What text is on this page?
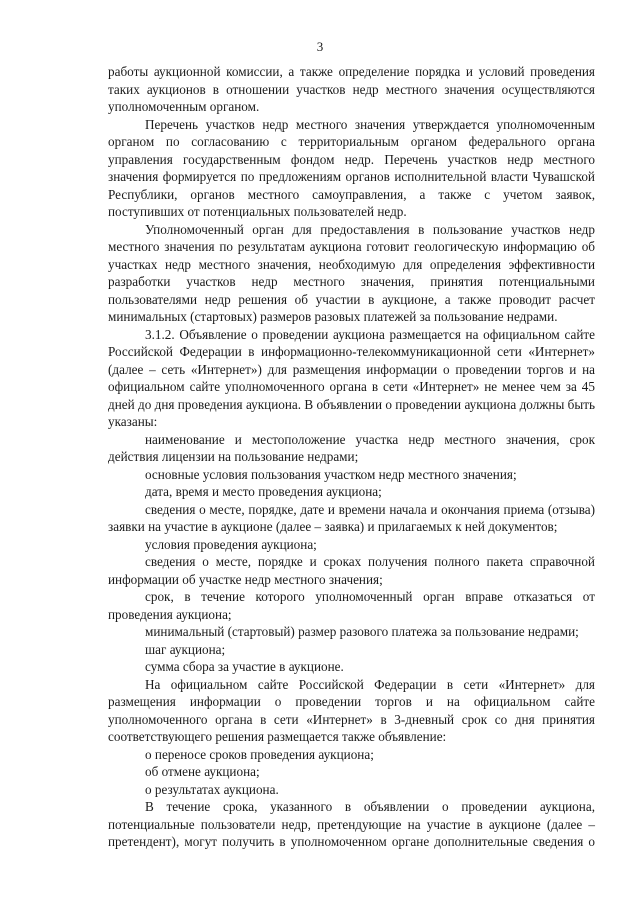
3

работы аукционной комиссии, а также определение порядка и условий проведения таких аукционов в отношении участков недр местного значения осуществляются уполномоченным органом.

Перечень участков недр местного значения утверждается уполномоченным органом по согласованию с территориальным органом федерального органа управления государственным фондом недр. Перечень участков недр местного значения формируется по предложениям органов исполнительной власти Чувашской Республики, органов местного самоуправления, а также с учетом заявок, поступивших от потенциальных пользователей недр.

Уполномоченный орган для предоставления в пользование участков недр местного значения по результатам аукциона готовит геологическую информацию об участках недр местного значения, необходимую для определения эффективности разработки участков недр местного значения, принятия потенциальными пользователями недр решения об участии в аукционе, а также проводит расчет минимальных (стартовых) размеров разовых платежей за пользование недрами.

3.1.2. Объявление о проведении аукциона размещается на официальном сайте Российской Федерации в информационно-телекоммуникационной сети «Интернет» (далее – сеть «Интернет») для размещения информации о проведении торгов и на официальном сайте уполномоченного органа в сети «Интернет» не менее чем за 45 дней до дня проведения аукциона. В объявлении о проведении аукциона должны быть указаны:

наименование и местоположение участка недр местного значения, срок действия лицензии на пользование недрами;

основные условия пользования участком недр местного значения;

дата, время и место проведения аукциона;

сведения о месте, порядке, дате и времени начала и окончания приема (отзыва) заявки на участие в аукционе (далее – заявка) и прилагаемых к ней документов;

условия проведения аукциона;

сведения о месте, порядке и сроках получения полного пакета справочной информации об участке недр местного значения;

срок, в течение которого уполномоченный орган вправе отказаться от проведения аукциона;

минимальный (стартовый) размер разового платежа за пользование недрами;

шаг аукциона;

сумма сбора за участие в аукционе.

На официальном сайте Российской Федерации в сети «Интернет» для размещения информации о проведении торгов и на официальном сайте уполномоченного органа в сети «Интернет» в 3-дневный срок со дня принятия соответствующего решения размещается также объявление:

о переносе сроков проведения аукциона;

об отмене аукциона;

о результатах аукциона.

В течение срока, указанного в объявлении о проведении аукциона, потенциальные пользователи недр, претендующие на участие в аукционе (далее – претендент), могут получить в уполномоченном органе дополнительные сведения о
